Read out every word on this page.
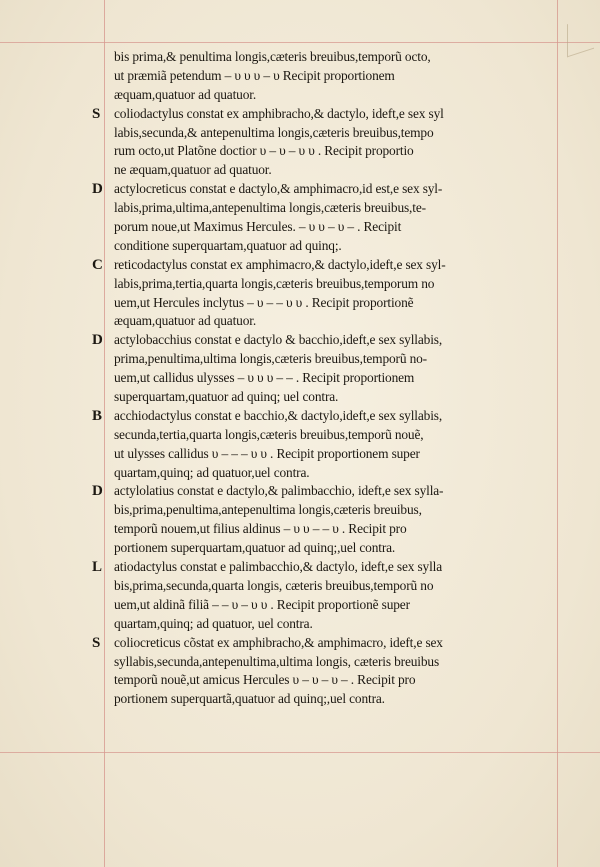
bis prima,& penultima longis,cæteris breuibus,temporũ octo,
ut præmiã petendum – υ υ υ – υ Recipit proportionem
æquam,quatuor ad quatuor.
S coliodactylus constat ex amphibracho,& dactylo, ideft,e sex syl
labis,secunda,& antepenultima longis,cæteris breuibus,tempo
rum octo,ut Platõne doctior υ – υ – υ υ . Recipit proportio
ne æquam,quatuor ad quatuor.
D actylocreticus constat e dactylo,& amphimacro,id est,e sex syl-
labis,prima,ultima,antepenultima longis,cæteris breuibus,te-
porum noue,ut Maximus Hercules. – υ υ – υ – . Recipit
conditione superquartam,quatuor ad quinq;.
C reticodactylus constat ex amphimacro,& dactylo,ideft,e sex syl-
labis,prima,tertia,quarta longis,cæteris breuibus,temporum no
uem,ut Hercules inclytus – υ – – υ υ . Recipit proportionẽ
æquam,quatuor ad quatuor.
D actylobacchius constat e dactylo & bacchio,ideft,e sex syllabis,
prima,penultima,ultima longis,cæteris breuibus,temporũ no-
uem,ut callidus ulysses – υ υ υ – – . Recipit proportionem
superquartam,quatuor ad quinq; uel contra.
B acchiodactylus constat e bacchio,& dactylo,ideft,e sex syllabis,
secunda,tertia,quarta longis,cæteris breuibus,temporũ nouẽ,
ut ulysses callidus υ – – – υ υ . Recipit proportionem super
quartam,quinq; ad quatuor,uel contra.
D actylolatius constat e dactylo,& palimbacchio, ideft,e sex sylla-
bis,prima,penultima,antepenultima longis,cæteris breuibus,
temporũ nouem,ut filius aldinus – υ υ – – υ . Recipit pro
portionem superquartam,quatuor ad quinq;,uel contra.
L atiodactylus constat e palimbacchio,& dactylo, ideft,e sex sylla
bis,prima,secunda,quarta longis, cæteris breuibus,temporũ no
uem,ut aldinã filiã – – υ – υ υ . Recipit proportionẽ super
quartam,quinq; ad quatuor, uel contra.
S coliocreticus cõstat ex amphibracho,& amphimacro, ideft,e sex
syllabis,secunda,antepenultima,ultima longis, cæteris breuibus
temporũ nouẽ,ut amicus Hercules υ – υ – υ – . Recipit pro
portionem superquartã,quatuor ad quinq;,uel contra.
